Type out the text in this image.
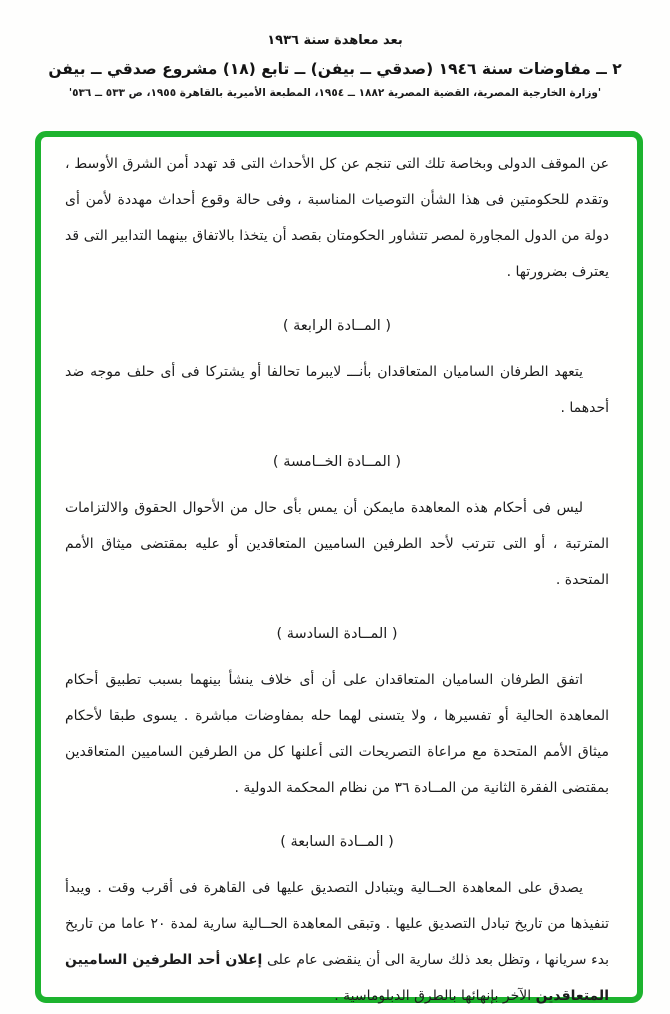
بعد معاهدة سنة ١٩٣٦
٢ ــ مفاوضات سنة ١٩٤٦ (صدقي ــ بيفن) ــ تابع (١٨) مشروع صدقي ــ بيفن
'وزارة الخارجية المصرية، القضية المصرية ١٨٨٢ ــ ١٩٥٤، المطبعة الأميرية بالقاهرة ١٩٥٥، ص ٥٣٣ ــ ٥٣٦'

عن الموقف الدولى وبخاصة تلك التى تنجم عن كل الأحداث التى قد تهدد أمن الشرق الأوسط ، وتقدم للحكومتين فى هذا الشأن التوصيات المناسبة ، وفى حالة وقوع أحداث مهددة لأمن أى دولة من الدول المجاورة لمصر تتشاور الحكومتان بقصد أن يتخذا بالاتفاق بينهما التدابير التى قد يعترف بضرورتها .

( المــادة الرابعة )

يتعهد الطرفان الساميان المتعاقدان بأنـــ لايبرما تحالفا أو يشتركا فى أى حلف موجه ضد أحدهما .

( المــادة الخــامسة )

ليس فى أحكام هذه المعاهدة مايمكن أن يمس بأى حال من الأحوال الحقوق والالتزامات المترتبة ، أو التى تترتب لأحد الطرفين الساميين المتعاقدين أو عليه بمقتضى ميثاق الأمم المتحدة .

( المــادة السادسة )

اتفق الطرفان الساميان المتعاقدان على أن أى خلاف ينشأ بينهما بسبب تطبيق أحكام المعاهدة الحالية أو تفسيرها ، ولا يتسنى لهما حله بمفاوضات مباشرة . يسوى طبقا لأحكام ميثاق الأمم المتحدة مع مراعاة التصريحات التى أعلنها كل من الطرفين الساميين المتعاقدين بمقتضى الفقرة الثانية من المــادة ٣٦ من نظام المحكمة الدولية .

( المــادة السابعة )

يصدق على المعاهدة الحــالية ويتبادل التصديق عليها فى القاهرة فى أقرب وقت . ويبدأ تنفيذها من تاريخ تبادل التصديق عليها . وتبقى المعاهدة الحــالية سارية لمدة ٢٠ عاما من تاريخ بدء سريانها ، وتظل بعد ذلك سارية الى أن ينقضى عام على إعلان أحد الطرفين الساميين المتعاقدين الآخر بإنهائها بالطرق الدبلوماسية .
